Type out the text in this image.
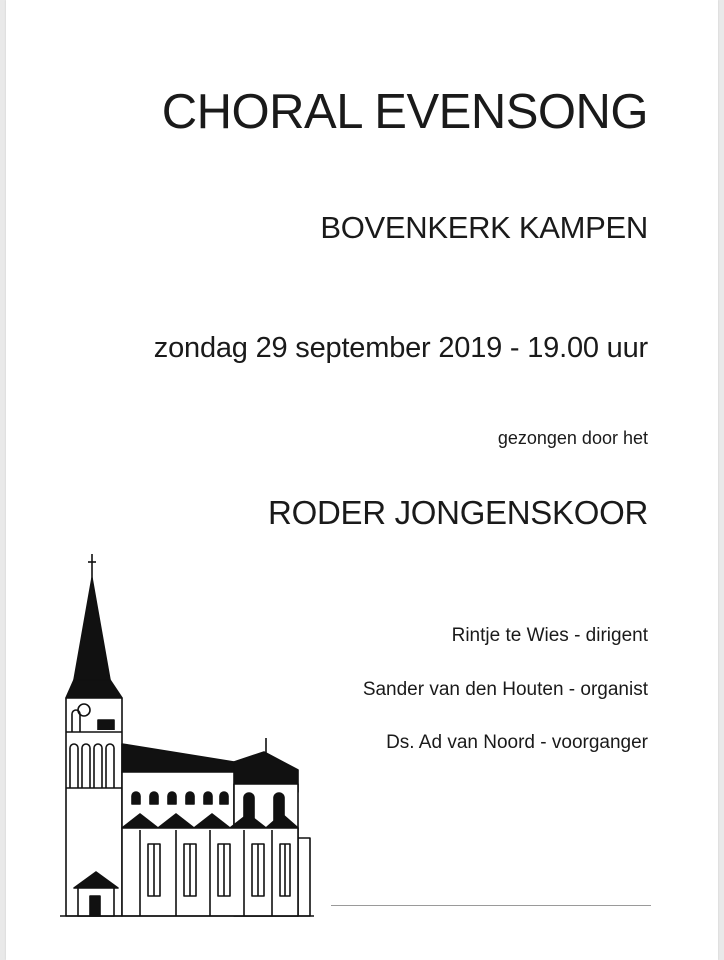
CHORAL EVENSONG
BOVENKERK KAMPEN
zondag 29 september 2019 - 19.00 uur
gezongen door het
RODER JONGENSKOOR
Rintje te Wies - dirigent
Sander van den Houten - organist
Ds. Ad van Noord - voorganger
